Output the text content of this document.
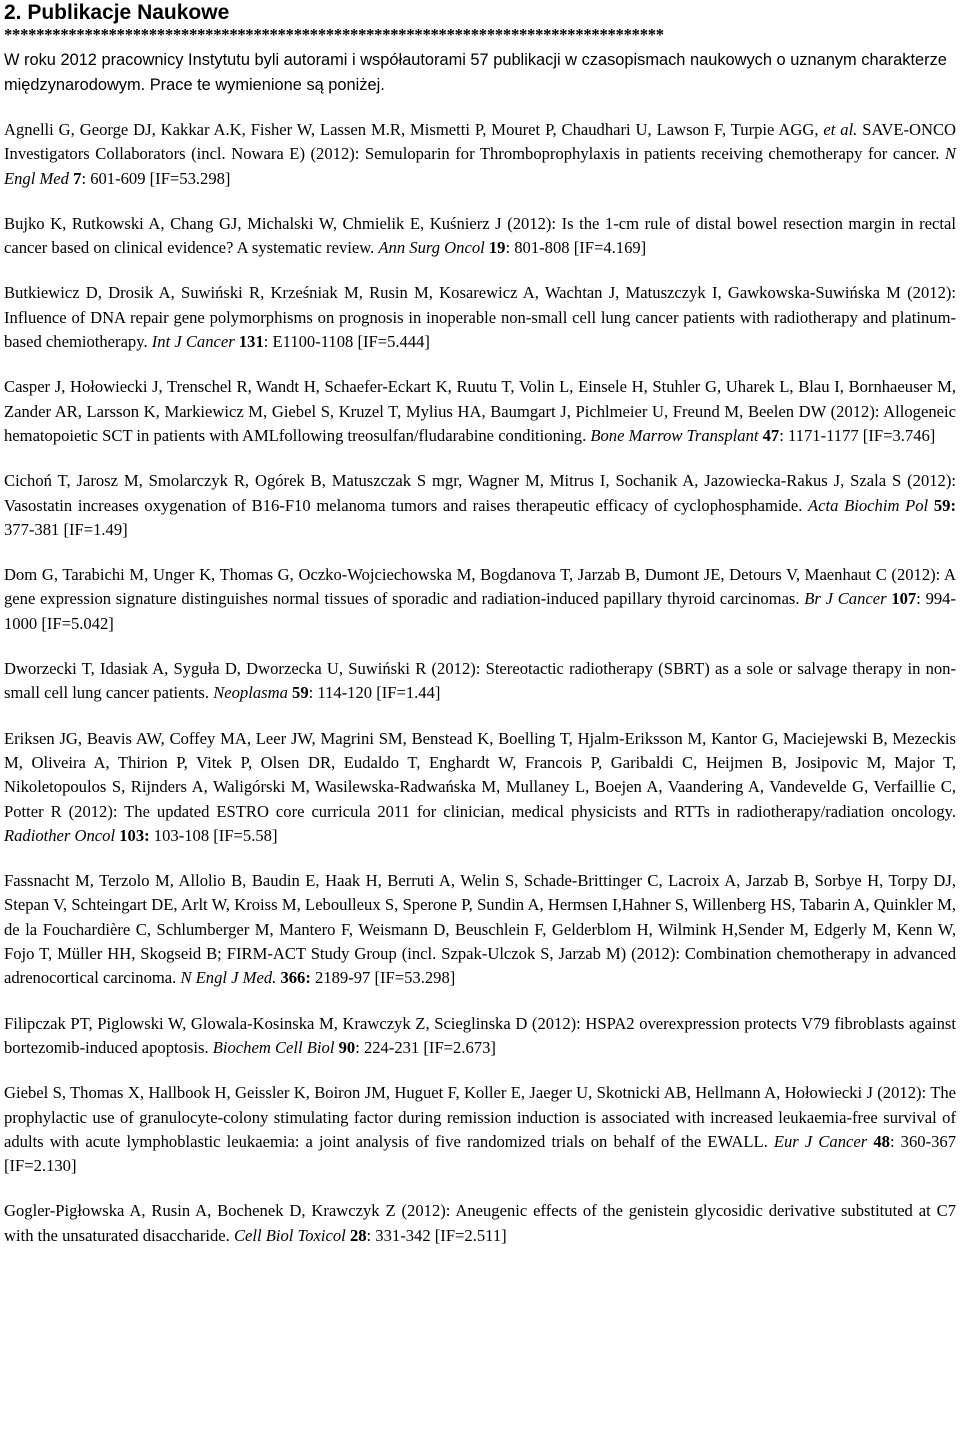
2. Publikacje Naukowe
**********************************************************************************

W roku 2012 pracownicy Instytutu byli autorami i współautorami 57 publikacji w czasopismach naukowych o uznanym charakterze międzynarodowym. Prace te wymienione są poniżej.

Agnelli G, George DJ, Kakkar A.K, Fisher W, Lassen M.R, Mismetti P, Mouret P, Chaudhari U, Lawson F, Turpie AGG, et al. SAVE-ONCO Investigators Collaborators (incl. Nowara E) (2012): Semuloparin for Thromboprophylaxis in patients receiving chemotherapy for cancer. N Engl Med 7: 601-609 [IF=53.298]

Bujko K, Rutkowski A, Chang GJ, Michalski W, Chmielik E, Kuśnierz J (2012): Is the 1-cm rule of distal bowel resection margin in rectal cancer based on clinical evidence? A systematic review. Ann Surg Oncol 19: 801-808 [IF=4.169]

Butkiewicz D, Drosik A, Suwiński R, Krześniak M, Rusin M, Kosarewicz A, Wachtan J, Matuszczyk I, Gawkowska-Suwińska M (2012): Influence of DNA repair gene polymorphisms on prognosis in inoperable non-small cell lung cancer patients with radiotherapy and platinum-based chemiotherapy. Int J Cancer 131: E1100-1108 [IF=5.444]

Casper J, Hołowiecki J, Trenschel R, Wandt H, Schaefer-Eckart K, Ruutu T, Volin L, Einsele H, Stuhler G, Uharek L, Blau I, Bornhaeuser M, Zander AR, Larsson K, Markiewicz M, Giebel S, Kruzel T, Mylius HA, Baumgart J, Pichlmeier U, Freund M, Beelen DW (2012): Allogeneic hematopoietic SCT in patients with AMLfollowing treosulfan/fludarabine conditioning. Bone Marrow Transplant 47: 1171-1177 [IF=3.746]

Cichoń T, Jarosz M, Smolarczyk R, Ogórek B, Matuszczak S mgr, Wagner M, Mitrus I, Sochanik A, Jazowiecka-Rakus J, Szala S (2012): Vasostatin increases oxygenation of B16-F10 melanoma tumors and raises therapeutic efficacy of cyclophosphamide. Acta Biochim Pol 59: 377-381 [IF=1.49]

Dom G, Tarabichi M, Unger K, Thomas G, Oczko-Wojciechowska M, Bogdanova T, Jarzab B, Dumont JE, Detours V, Maenhaut C (2012): A gene expression signature distinguishes normal tissues of sporadic and radiation-induced papillary thyroid carcinomas. Br J Cancer 107: 994-1000 [IF=5.042]

Dworzecki T, Idasiak A, Syguła D, Dworzecka U, Suwiński R (2012): Stereotactic radiotherapy (SBRT) as a sole or salvage therapy in non-small cell lung cancer patients. Neoplasma 59: 114-120 [IF=1.44]

Eriksen JG, Beavis AW, Coffey MA, Leer JW, Magrini SM, Benstead K, Boelling T, Hjalm-Eriksson M, Kantor G, Maciejewski B, Mezeckis M, Oliveira A, Thirion P, Vitek P, Olsen DR, Eudaldo T, Enghardt W, Francois P, Garibaldi C, Heijmen B, Josipovic M, Major T, Nikoletopoulos S, Rijnders A, Waligórski M, Wasilewska-Radwańska M, Mullaney L, Boejen A, Vaandering A, Vandevelde G, Verfaillie C, Potter R (2012): The updated ESTRO core curricula 2011 for clinician, medical physicists and RTTs in radiotherapy/radiation oncology. Radiother Oncol 103: 103-108 [IF=5.58]

Fassnacht M, Terzolo M, Allolio B, Baudin E, Haak H, Berruti A, Welin S, Schade-Brittinger C, Lacroix A, Jarzab B, Sorbye H, Torpy DJ, Stepan V, Schteingart DE, Arlt W, Kroiss M, Leboulleux S, Sperone P, Sundin A, Hermsen I,Hahner S, Willenberg HS, Tabarin A, Quinkler M, de la Fouchardière C, Schlumberger M, Mantero F, Weismann D, Beuschlein F, Gelderblom H, Wilmink H,Sender M, Edgerly M, Kenn W, Fojo T, Müller HH, Skogseid B; FIRM-ACT Study Group (incl. Szpak-Ulczok S, Jarzab M) (2012): Combination chemotherapy in advanced adrenocortical carcinoma. N Engl J Med. 366: 2189-97 [IF=53.298]

Filipczak PT, Piglowski W, Glowala-Kosinska M, Krawczyk Z, Scieglinska D (2012): HSPA2 overexpression protects V79 fibroblasts against bortezomib-induced apoptosis. Biochem Cell Biol 90: 224-231 [IF=2.673]

Giebel S, Thomas X, Hallbook H, Geissler K, Boiron JM, Huguet F, Koller E, Jaeger U, Skotnicki AB, Hellmann A, Hołowiecki J (2012): The prophylactic use of granulocyte-colony stimulating factor during remission induction is associated with increased leukaemia-free survival of adults with acute lymphoblastic leukaemia: a joint analysis of five randomized trials on behalf of the EWALL. Eur J Cancer 48: 360-367 [IF=2.130]

Gogler-Pigłowska A, Rusin A, Bochenek D, Krawczyk Z (2012): Aneugenic effects of the genistein glycosidic derivative substituted at C7 with the unsaturated disaccharide. Cell Biol Toxicol 28: 331-342 [IF=2.511]
